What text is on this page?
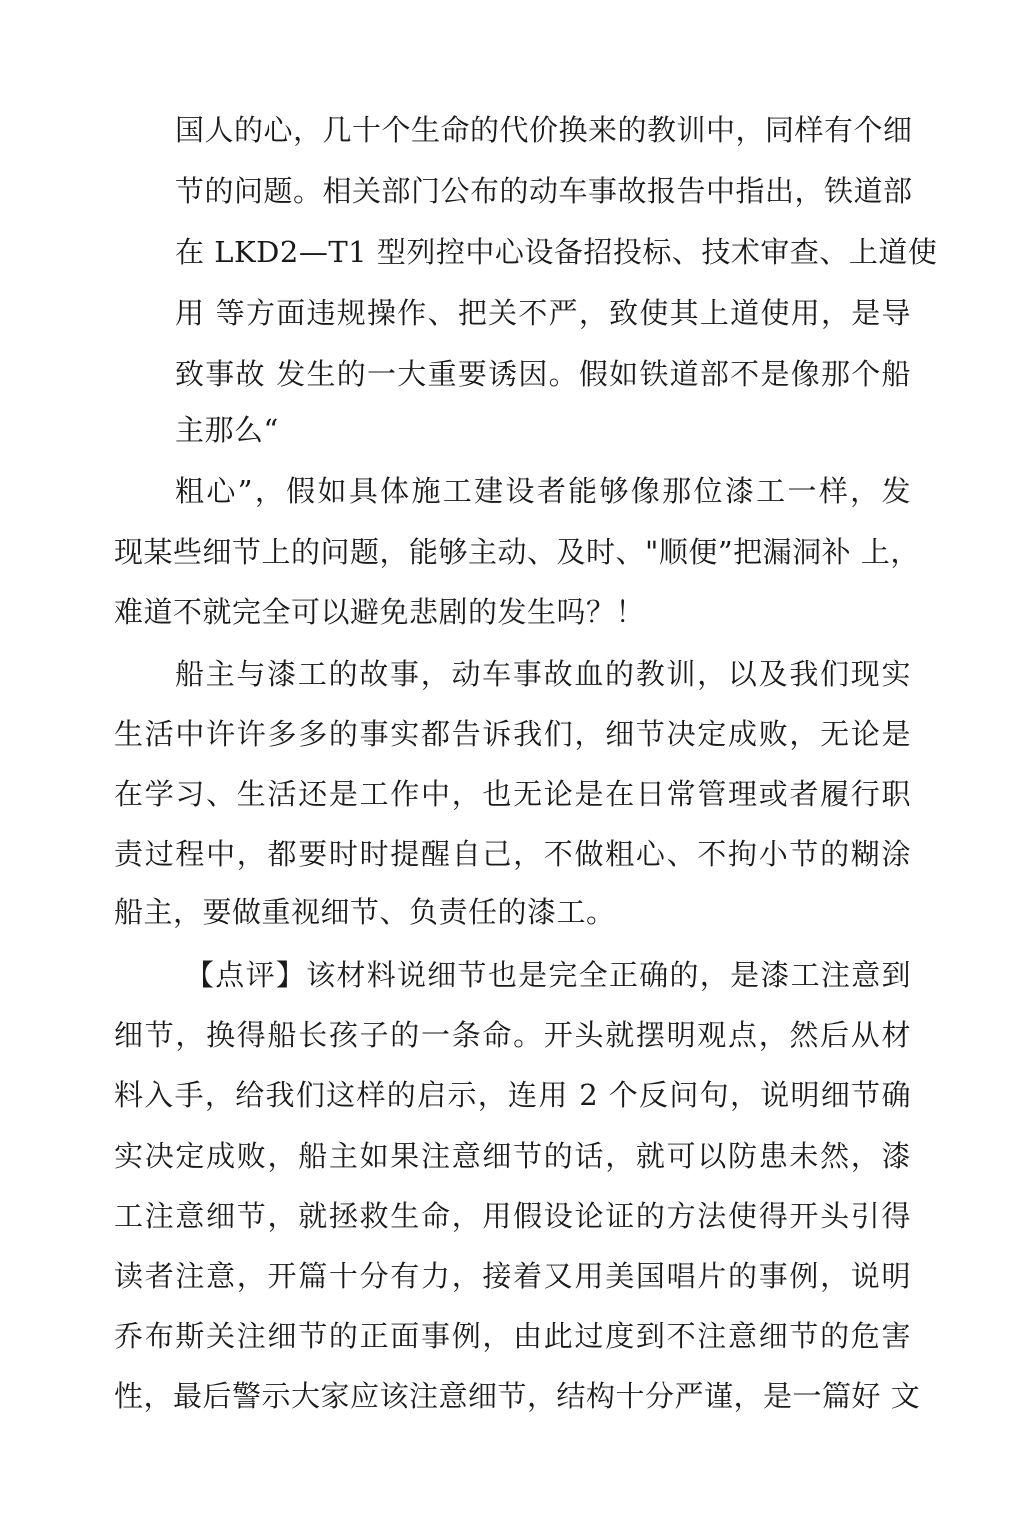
国人的心，几十个生命的代价换来的教训中，同样有个细
节的问题。相关部门公布的动车事故报告中指出，铁道部
在 LKD2—T1 型列控中心设备招投标、技术审查、上道使
用 等方面违规操作、把关不严，致使其上道使用，是导
致事故 发生的一大重要诱因。假如铁道部不是像那个船
主那么“
粗心”，假如具体施工建设者能够像那位漆工一样，发
现某些细节上的问题，能够主动、及时、"顺便”把漏洞补 上，
难道不就完全可以避免悲剧的发生吗？！
船主与漆工的故事，动车事故血的教训，以及我们现实
生活中许许多多的事实都告诉我们，细节决定成败，无论是
在学习、生活还是工作中，也无论是在日常管理或者履行职
责过程中，都要时时提醒自己，不做粗心、不拘小节的糊涂
船主，要做重视细节、负责任的漆工。
【点评】该材料说细节也是完全正确的，是漆工注意到
细节，换得船长孩子的一条命。开头就摆明观点，然后从材
料入手，给我们这样的启示，连用 2 个反问句，说明细节确
实决定成败，船主如果注意细节的话，就可以防患未然，漆
工注意细节，就拯救生命，用假设论证的方法使得开头引得
读者注意，开篇十分有力，接着又用美国唱片的事例，说明
乔布斯关注细节的正面事例，由此过度到不注意细节的危害
性，最后警示大家应该注意细节，结构十分严谨，是一篇好 文
